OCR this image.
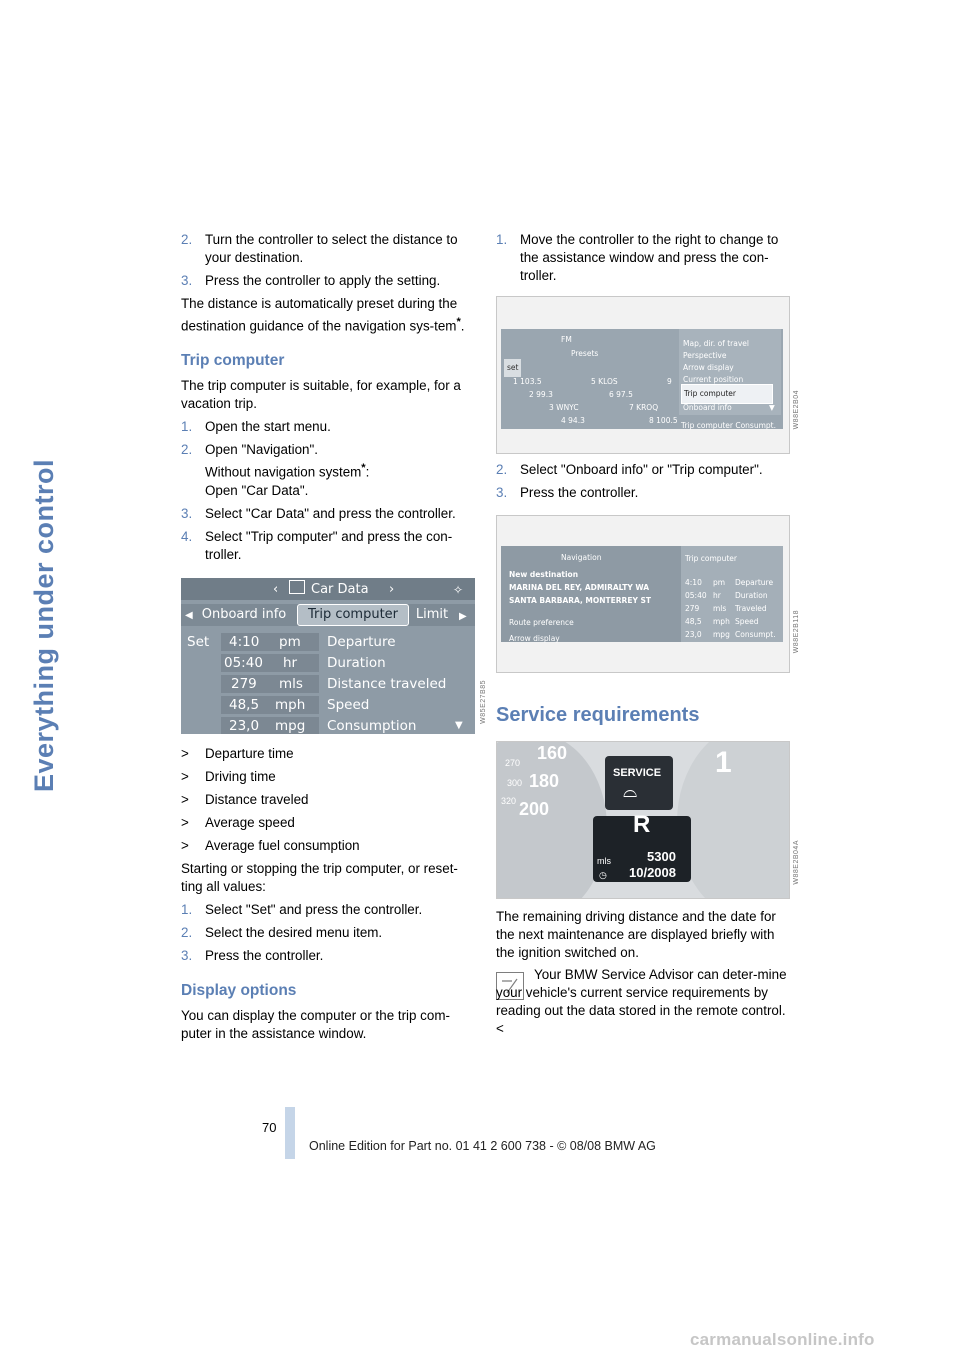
Everything under control
2. Turn the controller to select the distance to your destination.
3. Press the controller to apply the setting.
The distance is automatically preset during the destination guidance of the navigation sys-tem*.
Trip computer
The trip computer is suitable, for example, for a vacation trip.
1. Open the start menu.
2. Open "Navigation".
Without navigation system*:
Open "Car Data".
3. Select "Car Data" and press the controller.
4. Select "Trip computer" and press the con-troller.
‹	Car Data ›	✧
◀ Onboard info	Trip computer	Limit	▶
Set 4:10 pm Departure
05:40 hr Duration
279 mls Distance traveled
48,5 mph Speed
23,0 mpg Consumption	▼
W85E27B85
> Departure time
> Driving time
> Distance traveled
> Average speed
> Average fuel consumption
Starting or stopping the trip computer, or reset-ting all values:
1. Select "Set" and press the controller.
2. Select the desired menu item.
3. Press the controller.
Display options
You can display the computer or the trip com-puter in the assistance window.
1. Move the controller to the right to change to the assistance window and press the con-troller.
FM
Presets
set
1 103.5	5 KLOS	9
2 99.3	6 97.5
3 WNYC	7 KROQ
4 94.3	8 100.5
Map, dir. of travel
Perspective
Arrow display
Current position
Trip computer
Onboard info	▼
Trip computer Consumpt. W88E2B04
2. Select "Onboard info" or "Trip computer".
3. Press the controller.
Navigation
New destination
MARINA DEL REY, ADMIRALTY WA
SANTA BARBARA, MONTERREY ST
Route preference
Arrow display
Trip computer
4:10 pm Departure
05:40 hr Duration
279 mls Traveled
48,5 mph Speed
23,0 mpg Consumpt. W88E2B118
Service requirements
160
180
200
270
300
320
1
SERVICE
⌓
R
mls	5300
10/2008
◷	W88E2B04A
The remaining driving distance and the date for the next maintenance are displayed briefly with the ignition switched on.
Your BMW Service Advisor can deter-mine your vehicle's current service requirements by reading out the data stored in the remote control.<
70
Online Edition for Part no. 01 41 2 600 738 - © 08/08 BMW AG
carmanualsonline.info
